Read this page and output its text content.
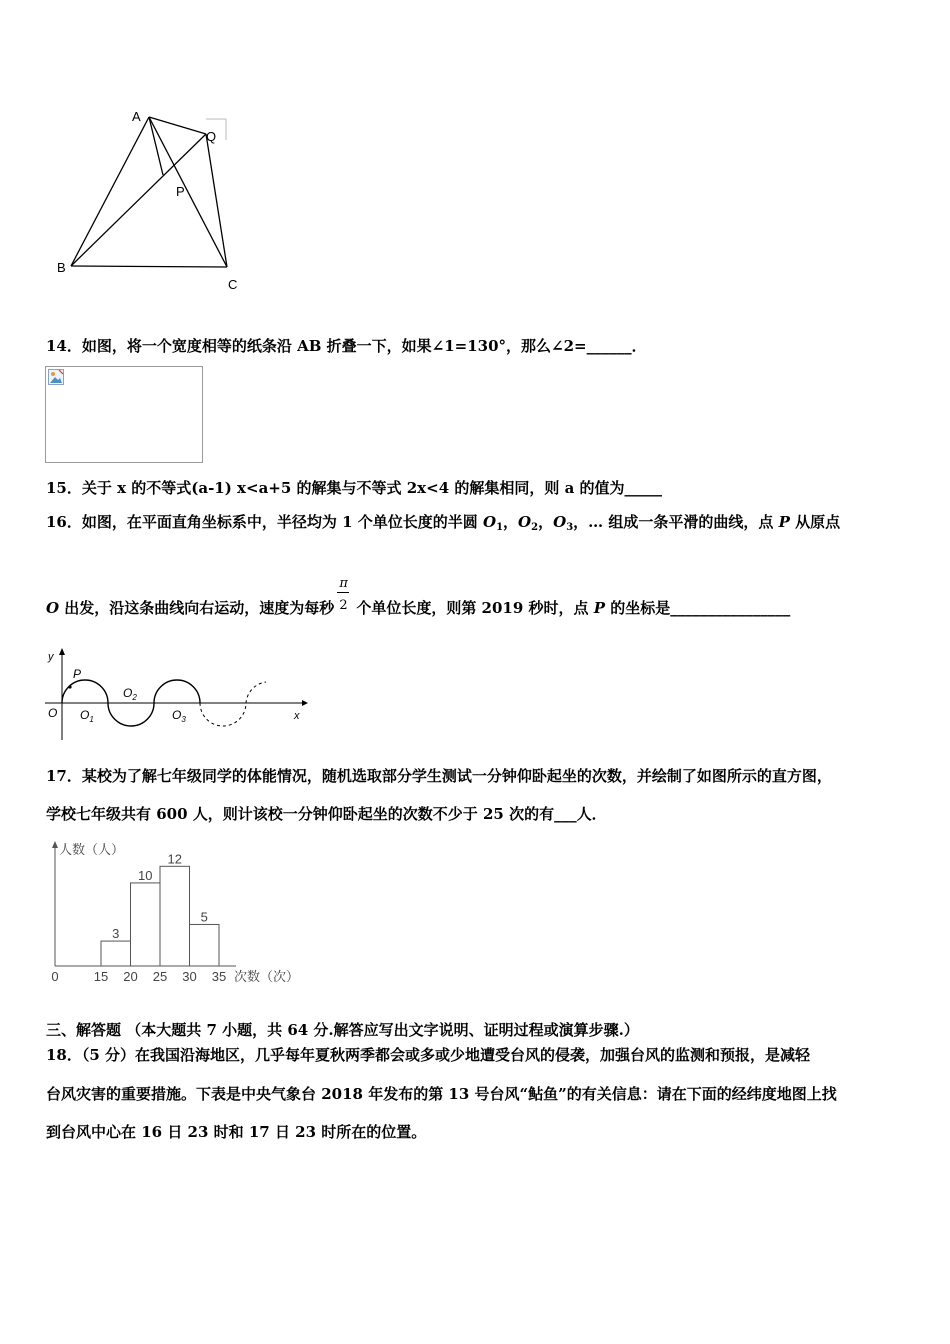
A
Q
P
B
C
14．如图，将一个宽度相等的纸条沿 AB 折叠一下，如果∠1=130°，那么∠2=______．
15．关于 x 的不等式(a-1) x<a+5 的解集与不等式 2x<4 的解集相同，则 a 的值为_____
16．如图，在平面直角坐标系中，半径均为 1 个单位长度的半圆 $O_1$，$O_2$，$O_3$，… 组成一条平滑的曲线，点 P 从原点
O 出发，沿这条曲线向右运动，速度为每秒 $\frac{\pi}{2}$ 个单位长度，则第 2019 秒时，点 P 的坐标是________________
y
P
O $O_1$
$O_2$
$O_3$	x
17．某校为了解七年级同学的体能情况，随机选取部分学生测试一分钟仰卧起坐的次数，并绘制了如图所示的直方图，
学校七年级共有 600 人，则计该校一分钟仰卧起坐的次数不少于 25 次的有___人．
人数（人）
次数（次）
3
10
12
5
0	15 20 25 30 35
三、解答题 （本大题共 7 小题，共 64 分.解答应写出文字说明、证明过程或演算步骤.）
18．（5 分）在我国沿海地区，几乎每年夏秋两季都会或多或少地遭受台风的侵袭，加强台风的监测和预报，是减轻
台风灾害的重要措施。下表是中央气象台 2018 年发布的第 13 号台风“鲇鱼”的有关信息：请在下面的经纬度地图上找
到台风中心在 16 日 23 时和 17 日 23 时所在的位置。
